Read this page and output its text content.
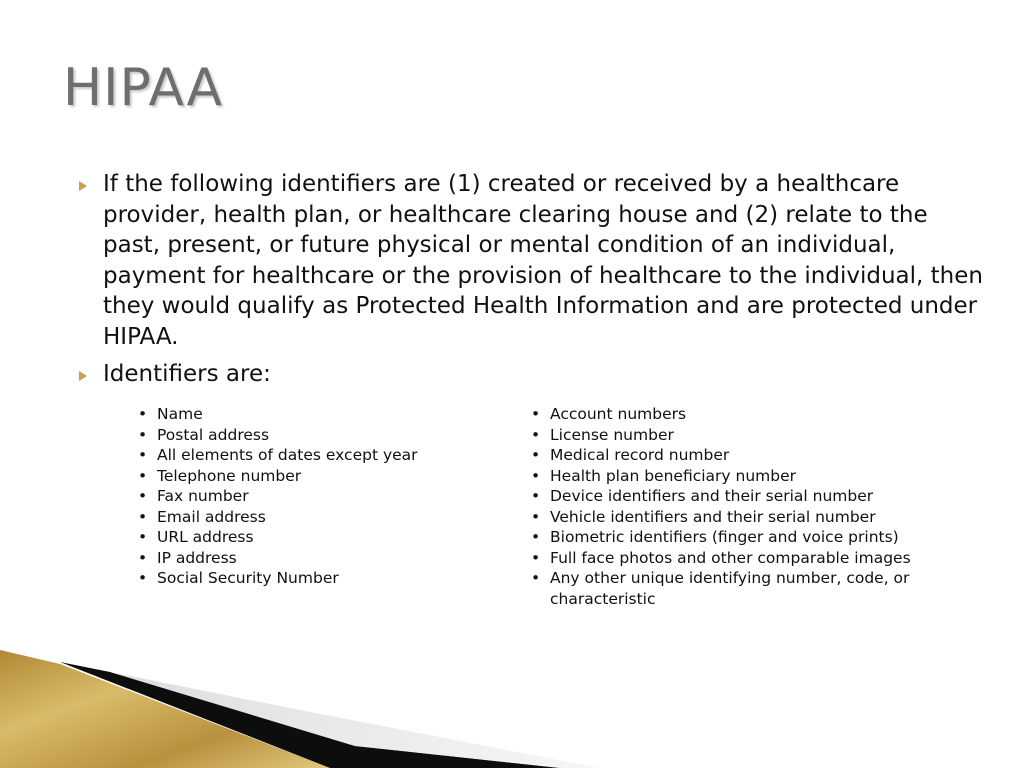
HIPAA
If the following identifiers are (1) created or received by a healthcare provider, health plan, or healthcare clearing house and (2) relate to the past, present, or future physical or mental condition of an individual, payment for healthcare or the provision of healthcare to the individual, then they would qualify as Protected Health Information and are protected under HIPAA.
Identifiers are:
• Name
• Postal address
• All elements of dates except year
• Telephone number
• Fax number
• Email address
• URL address
• IP address
• Social Security Number
• Account numbers
• License number
• Medical record number
• Health plan beneficiary number
• Device identifiers and their serial number
• Vehicle identifiers and their serial number
• Biometric identifiers (finger and voice prints)
• Full face photos and other comparable images
• Any other unique identifying number, code, or characteristic
